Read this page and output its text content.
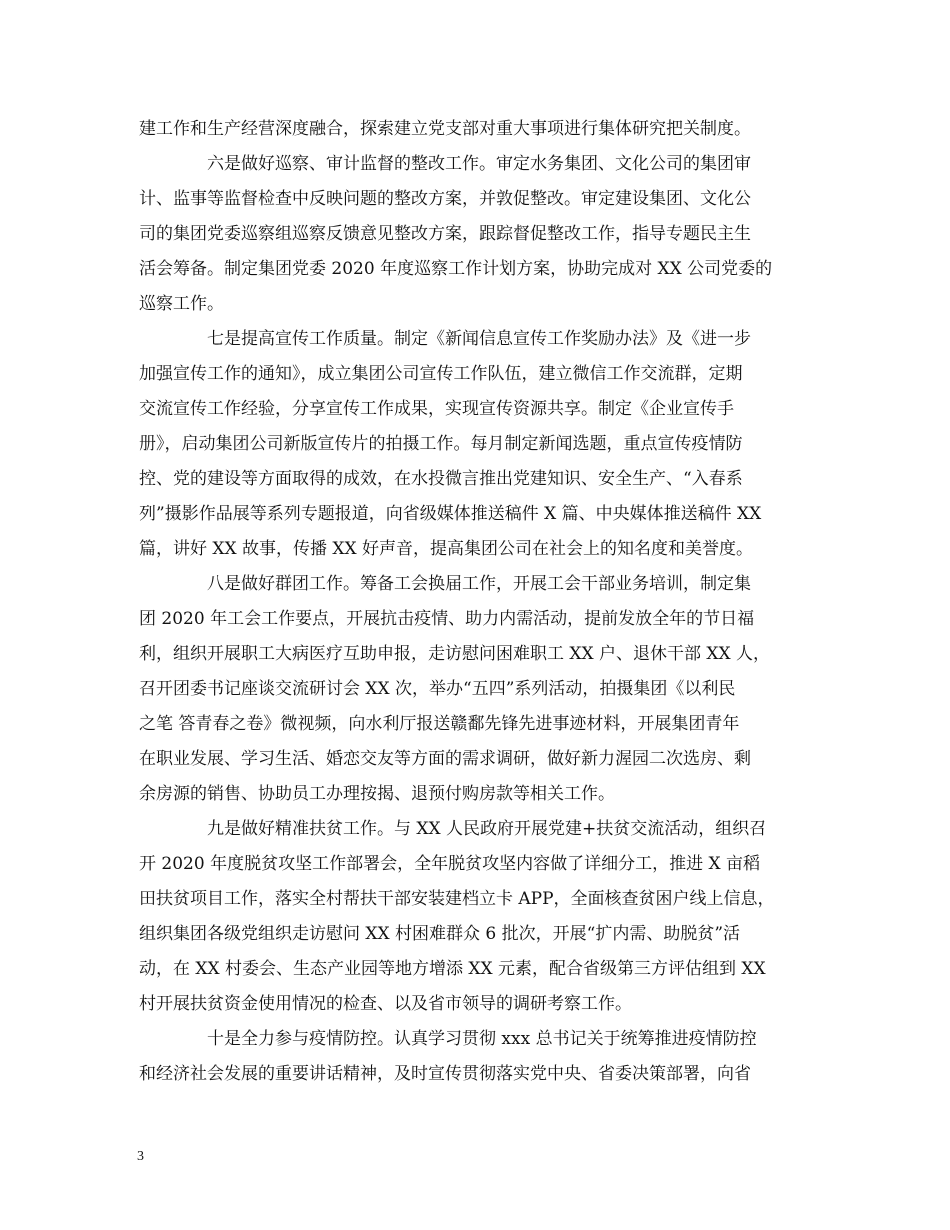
建工作和生产经营深度融合，探索建立党支部对重大事项进行集体研究把关制度。
六是做好巡察、审计监督的整改工作。审定水务集团、文化公司的集团审
计、监事等监督检查中反映问题的整改方案，并敦促整改。审定建设集团、文化公
司的集团党委巡察组巡察反馈意见整改方案，跟踪督促整改工作，指导专题民主生
活会筹备。制定集团党委 2020 年度巡察工作计划方案，协助完成对 XX 公司党委的
巡察工作。
七是提高宣传工作质量。制定《新闻信息宣传工作奖励办法》及《进一步
加强宣传工作的通知》，成立集团公司宣传工作队伍，建立微信工作交流群，定期
交流宣传工作经验，分享宣传工作成果，实现宣传资源共享。制定《企业宣传手
册》，启动集团公司新版宣传片的拍摄工作。每月制定新闻选题，重点宣传疫情防
控、党的建设等方面取得的成效，在水投微言推出党建知识、安全生产、“入春系
列”摄影作品展等系列专题报道，向省级媒体推送稿件 X 篇、中央媒体推送稿件 XX
篇，讲好 XX 故事，传播 XX 好声音，提高集团公司在社会上的知名度和美誉度。
八是做好群团工作。筹备工会换届工作，开展工会干部业务培训，制定集
团 2020 年工会工作要点，开展抗击疫情、助力内需活动，提前发放全年的节日福
利，组织开展职工大病医疗互助申报，走访慰问困难职工 XX 户、退休干部 XX 人，
召开团委书记座谈交流研讨会 XX 次，举办“五四”系列活动，拍摄集团《以利民
之笔 答青春之卷》微视频，向水利厅报送赣鄱先锋先进事迹材料，开展集团青年
在职业发展、学习生活、婚恋交友等方面的需求调研，做好新力渥园二次选房、剩
余房源的销售、协助员工办理按揭、退预付购房款等相关工作。
九是做好精准扶贫工作。与 XX 人民政府开展党建+扶贫交流活动，组织召
开 2020 年度脱贫攻坚工作部署会，全年脱贫攻坚内容做了详细分工，推进 X 亩稻
田扶贫项目工作，落实全村帮扶干部安装建档立卡 APP，全面核查贫困户线上信息，
组织集团各级党组织走访慰问 XX 村困难群众 6 批次，开展“扩内需、助脱贫”活
动，在 XX 村委会、生态产业园等地方增添 XX 元素，配合省级第三方评估组到 XX
村开展扶贫资金使用情况的检查、以及省市领导的调研考察工作。
十是全力参与疫情防控。认真学习贯彻 xxx 总书记关于统筹推进疫情防控
和经济社会发展的重要讲话精神，及时宣传贯彻落实党中央、省委决策部署，向省
3
